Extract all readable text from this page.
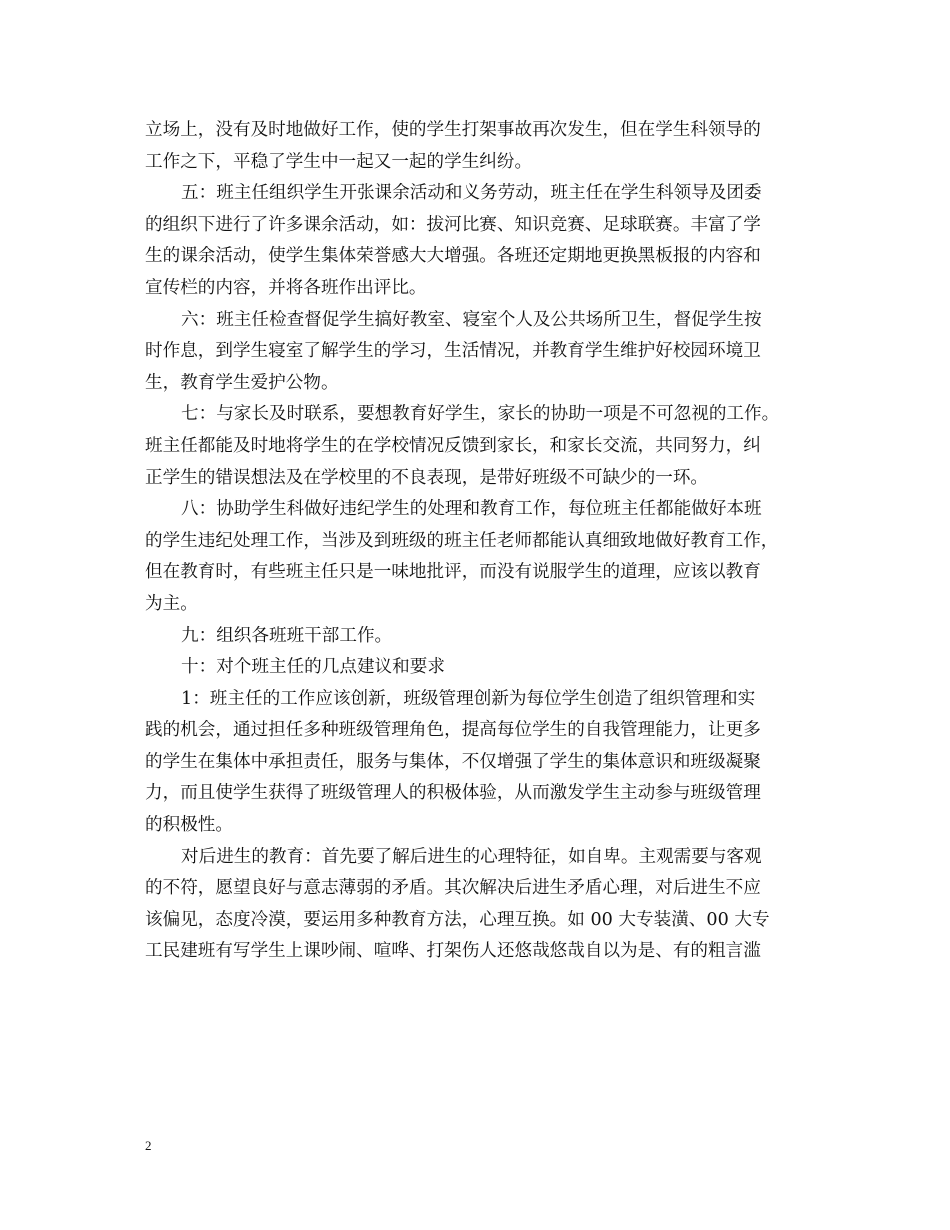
立场上，没有及时地做好工作，使的学生打架事故再次发生，但在学生科领导的
工作之下，平稳了学生中一起又一起的学生纠纷。
五：班主任组织学生开张课余活动和义务劳动，班主任在学生科领导及团委
的组织下进行了许多课余活动，如：拔河比赛、知识竞赛、足球联赛。丰富了学
生的课余活动，使学生集体荣誉感大大增强。各班还定期地更换黑板报的内容和
宣传栏的内容，并将各班作出评比。
六：班主任检查督促学生搞好教室、寝室个人及公共场所卫生，督促学生按
时作息，到学生寝室了解学生的学习，生活情况，并教育学生维护好校园环境卫
生，教育学生爱护公物。
七：与家长及时联系，要想教育好学生，家长的协助一项是不可忽视的工作。
班主任都能及时地将学生的在学校情况反馈到家长，和家长交流，共同努力，纠
正学生的错误想法及在学校里的不良表现，是带好班级不可缺少的一环。
八：协助学生科做好违纪学生的处理和教育工作，每位班主任都能做好本班
的学生违纪处理工作，当涉及到班级的班主任老师都能认真细致地做好教育工作，
但在教育时，有些班主任只是一味地批评，而没有说服学生的道理，应该以教育
为主。
九：组织各班班干部工作。
十：对个班主任的几点建议和要求
1：班主任的工作应该创新，班级管理创新为每位学生创造了组织管理和实
践的机会，通过担任多种班级管理角色，提高每位学生的自我管理能力，让更多
的学生在集体中承担责任，服务与集体，不仅增强了学生的集体意识和班级凝聚
力，而且使学生获得了班级管理人的积极体验，从而激发学生主动参与班级管理
的积极性。
对后进生的教育：首先要了解后进生的心理特征，如自卑。主观需要与客观
的不符，愿望良好与意志薄弱的矛盾。其次解决后进生矛盾心理，对后进生不应
该偏见，态度冷漠，要运用多种教育方法，心理互换。如 00 大专装潢、00 大专
工民建班有写学生上课吵闹、喧哗、打架伤人还悠哉悠哉自以为是、有的粗言滥
2
